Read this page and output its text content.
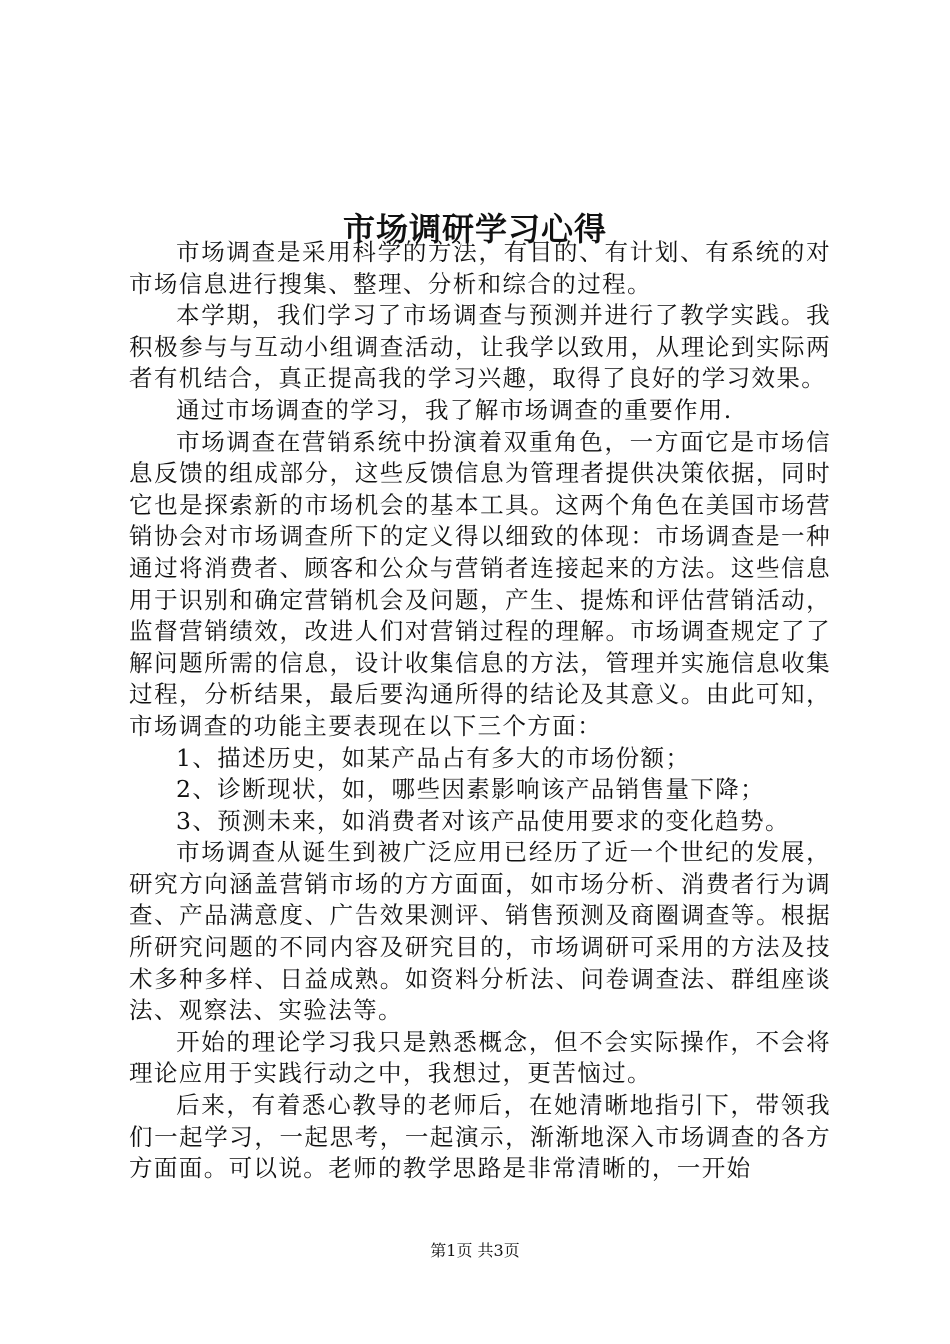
市场调研学习心得

市场调查是采用科学的方法，有目的、有计划、有系统的对市场信息进行搜集、整理、分析和综合的过程。

本学期，我们学习了市场调查与预测并进行了教学实践。我积极参与与互动小组调查活动，让我学以致用，从理论到实际两者有机结合，真正提高我的学习兴趣，取得了良好的学习效果。

通过市场调查的学习，我了解市场调查的重要作用.

市场调查在营销系统中扮演着双重角色，一方面它是市场信息反馈的组成部分，这些反馈信息为管理者提供决策依据，同时它也是探索新的市场机会的基本工具。这两个角色在美国市场营销协会对市场调查所下的定义得以细致的体现：市场调查是一种通过将消费者、顾客和公众与营销者连接起来的方法。这些信息用于识别和确定营销机会及问题，产生、提炼和评估营销活动，监督营销绩效，改进人们对营销过程的理解。市场调查规定了了解问题所需的信息，设计收集信息的方法，管理并实施信息收集过程，分析结果，最后要沟通所得的结论及其意义。由此可知，市场调查的功能主要表现在以下三个方面：

1、描述历史，如某产品占有多大的市场份额；

2、诊断现状，如，哪些因素影响该产品销售量下降；

3、预测未来，如消费者对该产品使用要求的变化趋势。

市场调查从诞生到被广泛应用已经历了近一个世纪的发展，研究方向涵盖营销市场的方方面面，如市场分析、消费者行为调查、产品满意度、广告效果测评、销售预测及商圈调查等。根据所研究问题的不同内容及研究目的，市场调研可采用的方法及技术多种多样、日益成熟。如资料分析法、问卷调查法、群组座谈法、观察法、实验法等。

开始的理论学习我只是熟悉概念，但不会实际操作，不会将理论应用于实践行动之中，我想过，更苦恼过。

后来，有着悉心教导的老师后，在她清晰地指引下，带领我们一起学习，一起思考，一起演示，渐渐地深入市场调查的各方方面面。可以说。老师的教学思路是非常清晰的，一开始

第1页 共3页
